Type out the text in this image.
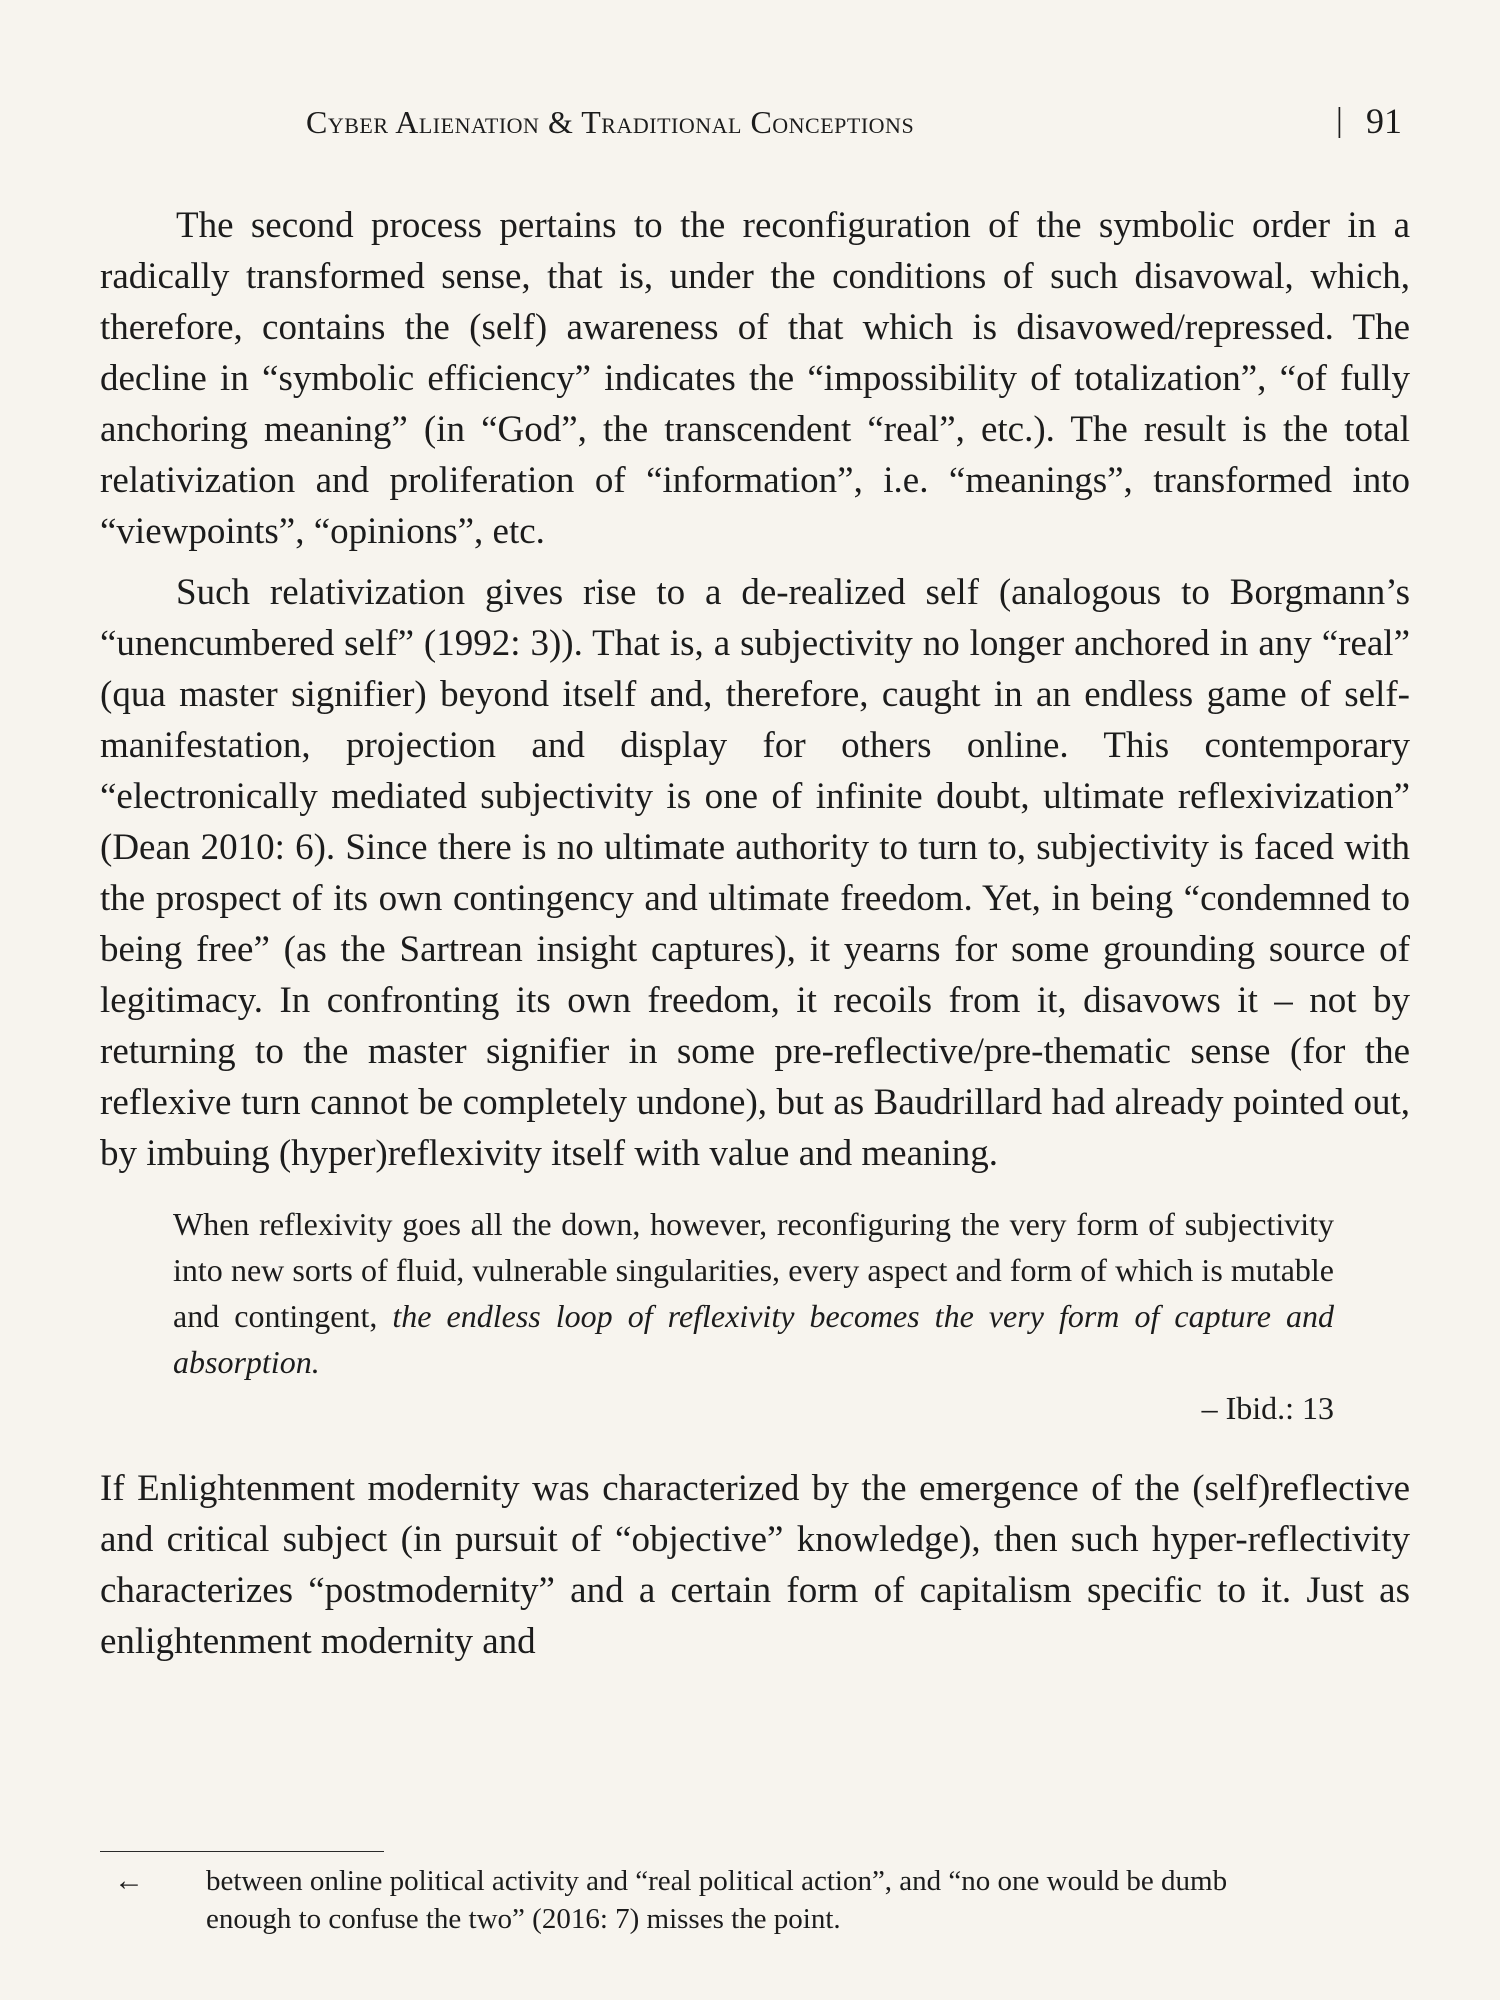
Cyber Alienation & Traditional Conceptions	| 91

The second process pertains to the reconfiguration of the symbolic order in a radically transformed sense, that is, under the conditions of such disavowal, which, therefore, contains the (self) awareness of that which is disavowed/repressed. The decline in “symbolic efficiency” indicates the “impossibility of totalization”, “of fully anchoring meaning” (in “God”, the transcendent “real”, etc.). The result is the total relativization and proliferation of “information”, i.e. “meanings”, transformed into “viewpoints”, “opinions”, etc.

Such relativization gives rise to a de-realized self (analogous to Borgmann’s “unencumbered self” (1992: 3)). That is, a subjectivity no longer anchored in any “real” (qua master signifier) beyond itself and, therefore, caught in an endless game of self-manifestation, projection and display for others online. This contemporary “electronically mediated subjectivity is one of infinite doubt, ultimate reflexivization” (Dean 2010: 6). Since there is no ultimate authority to turn to, subjectivity is faced with the prospect of its own contingency and ultimate freedom. Yet, in being “condemned to being free” (as the Sartrean insight captures), it yearns for some grounding source of legitimacy. In confronting its own freedom, it recoils from it, disavows it – not by returning to the master signifier in some pre-reflective/pre-thematic sense (for the reflexive turn cannot be completely undone), but as Baudrillard had already pointed out, by imbuing (hyper)reflexivity itself with value and meaning.

When reflexivity goes all the down, however, reconfiguring the very form of subjectivity into new sorts of fluid, vulnerable singularities, every aspect and form of which is mutable and contingent, the endless loop of reflexivity becomes the very form of capture and absorption.

– Ibid.: 13

If Enlightenment modernity was characterized by the emergence of the (self)reflective and critical subject (in pursuit of “objective” knowledge), then such hyper-reflectivity characterizes “postmodernity” and a certain form of capitalism specific to it. Just as enlightenment modernity and

← between online political activity and “real political action”, and “no one would be dumb enough to confuse the two” (2016: 7) misses the point.
